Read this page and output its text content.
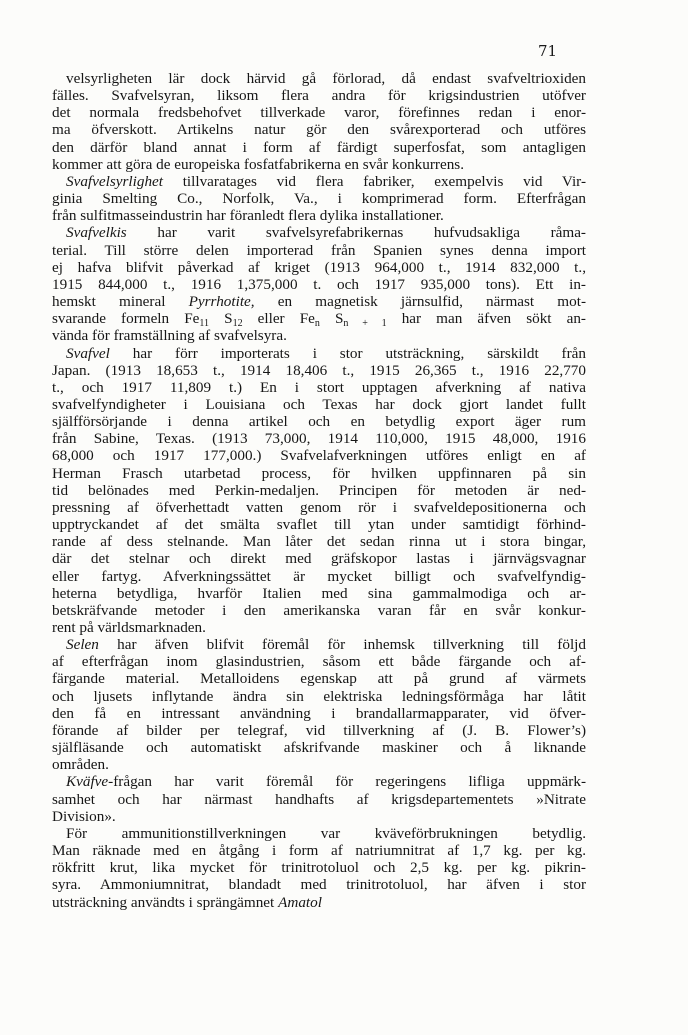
71

velsyrligheten lär dock härvid gå förlorad, då endast svafveltrioxiden
fälles. Svafvelsyran, liksom flera andra för krigsindustrien utöfver
det normala fredsbehofvet tillverkade varor, förefinnes redan i enor-
ma öfverskott. Artikelns natur gör den svårexporterad och utföres
den därför bland annat i form af färdigt superfosfat, som antagligen
kommer att göra de europeiska fosfatfabrikerna en svår konkurrens.

Svafvelsyrlighet tillvaratages vid flera fabriker, exempelvis vid Vir-
ginia Smelting Co., Norfolk, Va., i komprimerad form. Efterfrågan
från sulfitmasseindustrin har föranledt flera dylika installationer.

Svafvelkis har varit svafvelsyrefabrikernas hufvudsakliga råma-
terial. Till större delen importerad från Spanien synes denna import
ej hafva blifvit påverkad af kriget (1913 964,000 t., 1914 832,000 t.,
1915 844,000 t., 1916 1,375,000 t. och 1917 935,000 tons). Ett in-
hemskt mineral Pyrrhotite, en magnetisk järnsulfid, närmast mot-
svarande formeln $Fe_{11}$ $S_{12}$ eller $Fe_n$ $S_{n + 1}$ har man äfven sökt an-
vända för framställning af svafvelsyra.

Svafvel har förr importerats i stor utsträckning, särskildt från
Japan. (1913 18,653 t., 1914 18,406 t., 1915 26,365 t., 1916 22,770
t., och 1917 11,809 t.) En i stort upptagen afverkning af nativa
svafvelfyndigheter i Louisiana och Texas har dock gjort landet fullt
själfförsörjande i denna artikel och en betydlig export äger rum
från Sabine, Texas. (1913 73,000, 1914 110,000, 1915 48,000, 1916
68,000 och 1917 177,000.) Svafvelafverkningen utföres enligt en af
Herman Frasch utarbetad process, för hvilken uppfinnaren på sin
tid belönades med Perkin-medaljen. Principen för metoden är ned-
pressning af öfverhettadt vatten genom rör i svafveldepositionerna och
upptryckandet af det smälta svaflet till ytan under samtidigt förhind-
rande af dess stelnande. Man låter det sedan rinna ut i stora bingar,
där det stelnar och direkt med gräfskopor lastas i järnvägsvagnar
eller fartyg. Afverkningssättet är mycket billigt och svafvelfyndig-
heterna betydliga, hvarför Italien med sina gammalmodiga och ar-
betskräfvande metoder i den amerikanska varan får en svår konkur-
rent på världsmarknaden.

Selen har äfven blifvit föremål för inhemsk tillverkning till följd
af efterfrågan inom glasindustrien, såsom ett både färgande och af-
färgande material. Metalloidens egenskap att på grund af värmets
och ljusets inflytande ändra sin elektriska ledningsförmåga har låtit
den få en intressant användning i brandallarmapparater, vid öfver-
förande af bilder per telegraf, vid tillverkning af (J. B. Flower’s)
själfläsande och automatiskt afskrifvande maskiner och å liknande
områden.

Kväfve-frågan har varit föremål för regeringens lifliga uppmärk-
samhet och har närmast handhafts af krigsdepartementets »Nitrate
Division».

För ammunitionstillverkningen var kväveförbrukningen betydlig.
Man räknade med en åtgång i form af natriumnitrat af 1,7 kg. per kg.
rökfritt krut, lika mycket för trinitrotoluol och 2,5 kg. per kg. pikrin-
syra. Ammoniumnitrat, blandadt med trinitrotoluol, har äfven i stor
utsträckning användts i sprängämnet Amatol
